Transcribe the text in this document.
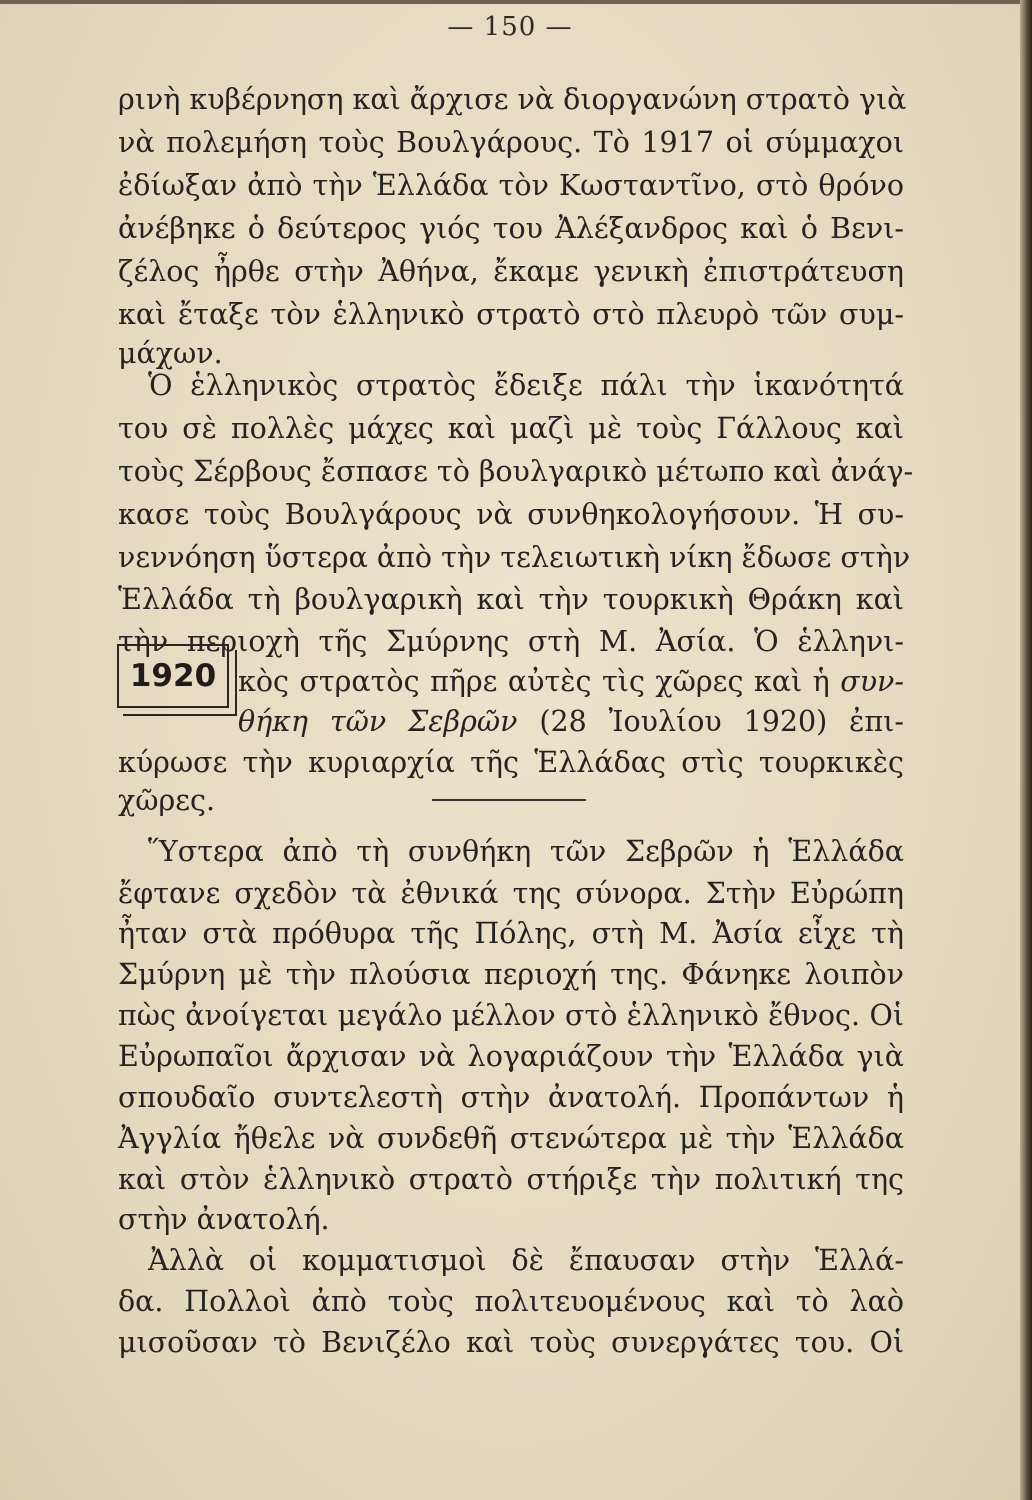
— 150 —
ρινὴ κυβέρνηση καὶ ἄρχισε νὰ διοργανώνη στρατὸ γιὰ
νὰ πολεμήση τοὺς Βουλγάρους. Τὸ 1917 οἱ σύμμαχοι
ἐδίωξαν ἀπὸ τὴν Ἑλλάδα τὸν Κωσταντῖνο, στὸ θρόνο
ἀνέβηκε ὁ δεύτερος γιός του Ἀλέξανδρος καὶ ὁ Βενι-
ζέλος ἦρθε στὴν Ἀθήνα, ἔκαμε γενικὴ ἐπιστράτευση
καὶ ἔταξε τὸν ἑλληνικὸ στρατὸ στὸ πλευρὸ τῶν συμ-
μάχων.
Ὁ ἑλληνικὸς στρατὸς ἔδειξε πάλι τὴν ἱκανότητά
του σὲ πολλὲς μάχες καὶ μαζὶ μὲ τοὺς Γάλλους καὶ
τοὺς Σέρβους ἔσπασε τὸ βουλγαρικὸ μέτωπο καὶ ἀνάγ-
κασε τοὺς Βουλγάρους νὰ συνθηκολογήσουν. Ἡ συ-
νεννόηση ὕστερα ἀπὸ τὴν τελειωτικὴ νίκη ἔδωσε στὴν
Ἑλλάδα τὴ βουλγαρικὴ καὶ τὴν τουρκικὴ Θράκη καὶ
τὴν περιοχὴ τῆς Σμύρνης στὴ Μ. Ἀσία. Ὁ ἑλληνι-
1920 κὸς στρατὸς πῆρε αὐτὲς τὶς χῶρες καὶ ἡ συν-
θήκη τῶν Σεβρῶν (28 Ἰουλίου 1920) ἐπι-
κύρωσε τὴν κυριαρχία τῆς Ἑλλάδας στὶς τουρκικὲς
χῶρες.
Ὕστερα ἀπὸ τὴ συνθήκη τῶν Σεβρῶν ἡ Ἑλλάδα
ἔφτανε σχεδὸν τὰ ἐθνικά της σύνορα. Στὴν Εὐρώπη
ἦταν στὰ πρόθυρα τῆς Πόλης, στὴ Μ. Ἀσία εἶχε τὴ
Σμύρνη μὲ τὴν πλούσια περιοχή της. Φάνηκε λοιπὸν
πὼς ἀνοίγεται μεγάλο μέλλον στὸ ἑλληνικὸ ἔθνος. Οἱ
Εὐρωπαῖοι ἄρχισαν νὰ λογαριάζουν τὴν Ἑλλάδα γιὰ
σπουδαῖο συντελεστὴ στὴν ἀνατολή. Προπάντων ἡ
Ἀγγλία ἤθελε νὰ συνδεθῆ στενώτερα μὲ τὴν Ἑλλάδα
καὶ στὸν ἑλληνικὸ στρατὸ στήριξε τὴν πολιτική της
στὴν ἀνατολή.
Ἀλλὰ οἱ κομματισμοὶ δὲ ἔπαυσαν στὴν Ἑλλά-
δα. Πολλοὶ ἀπὸ τοὺς πολιτευομένους καὶ τὸ λαὸ
μισοῦσαν τὸ Βενιζέλο καὶ τοὺς συνεργάτες του. Οἱ
